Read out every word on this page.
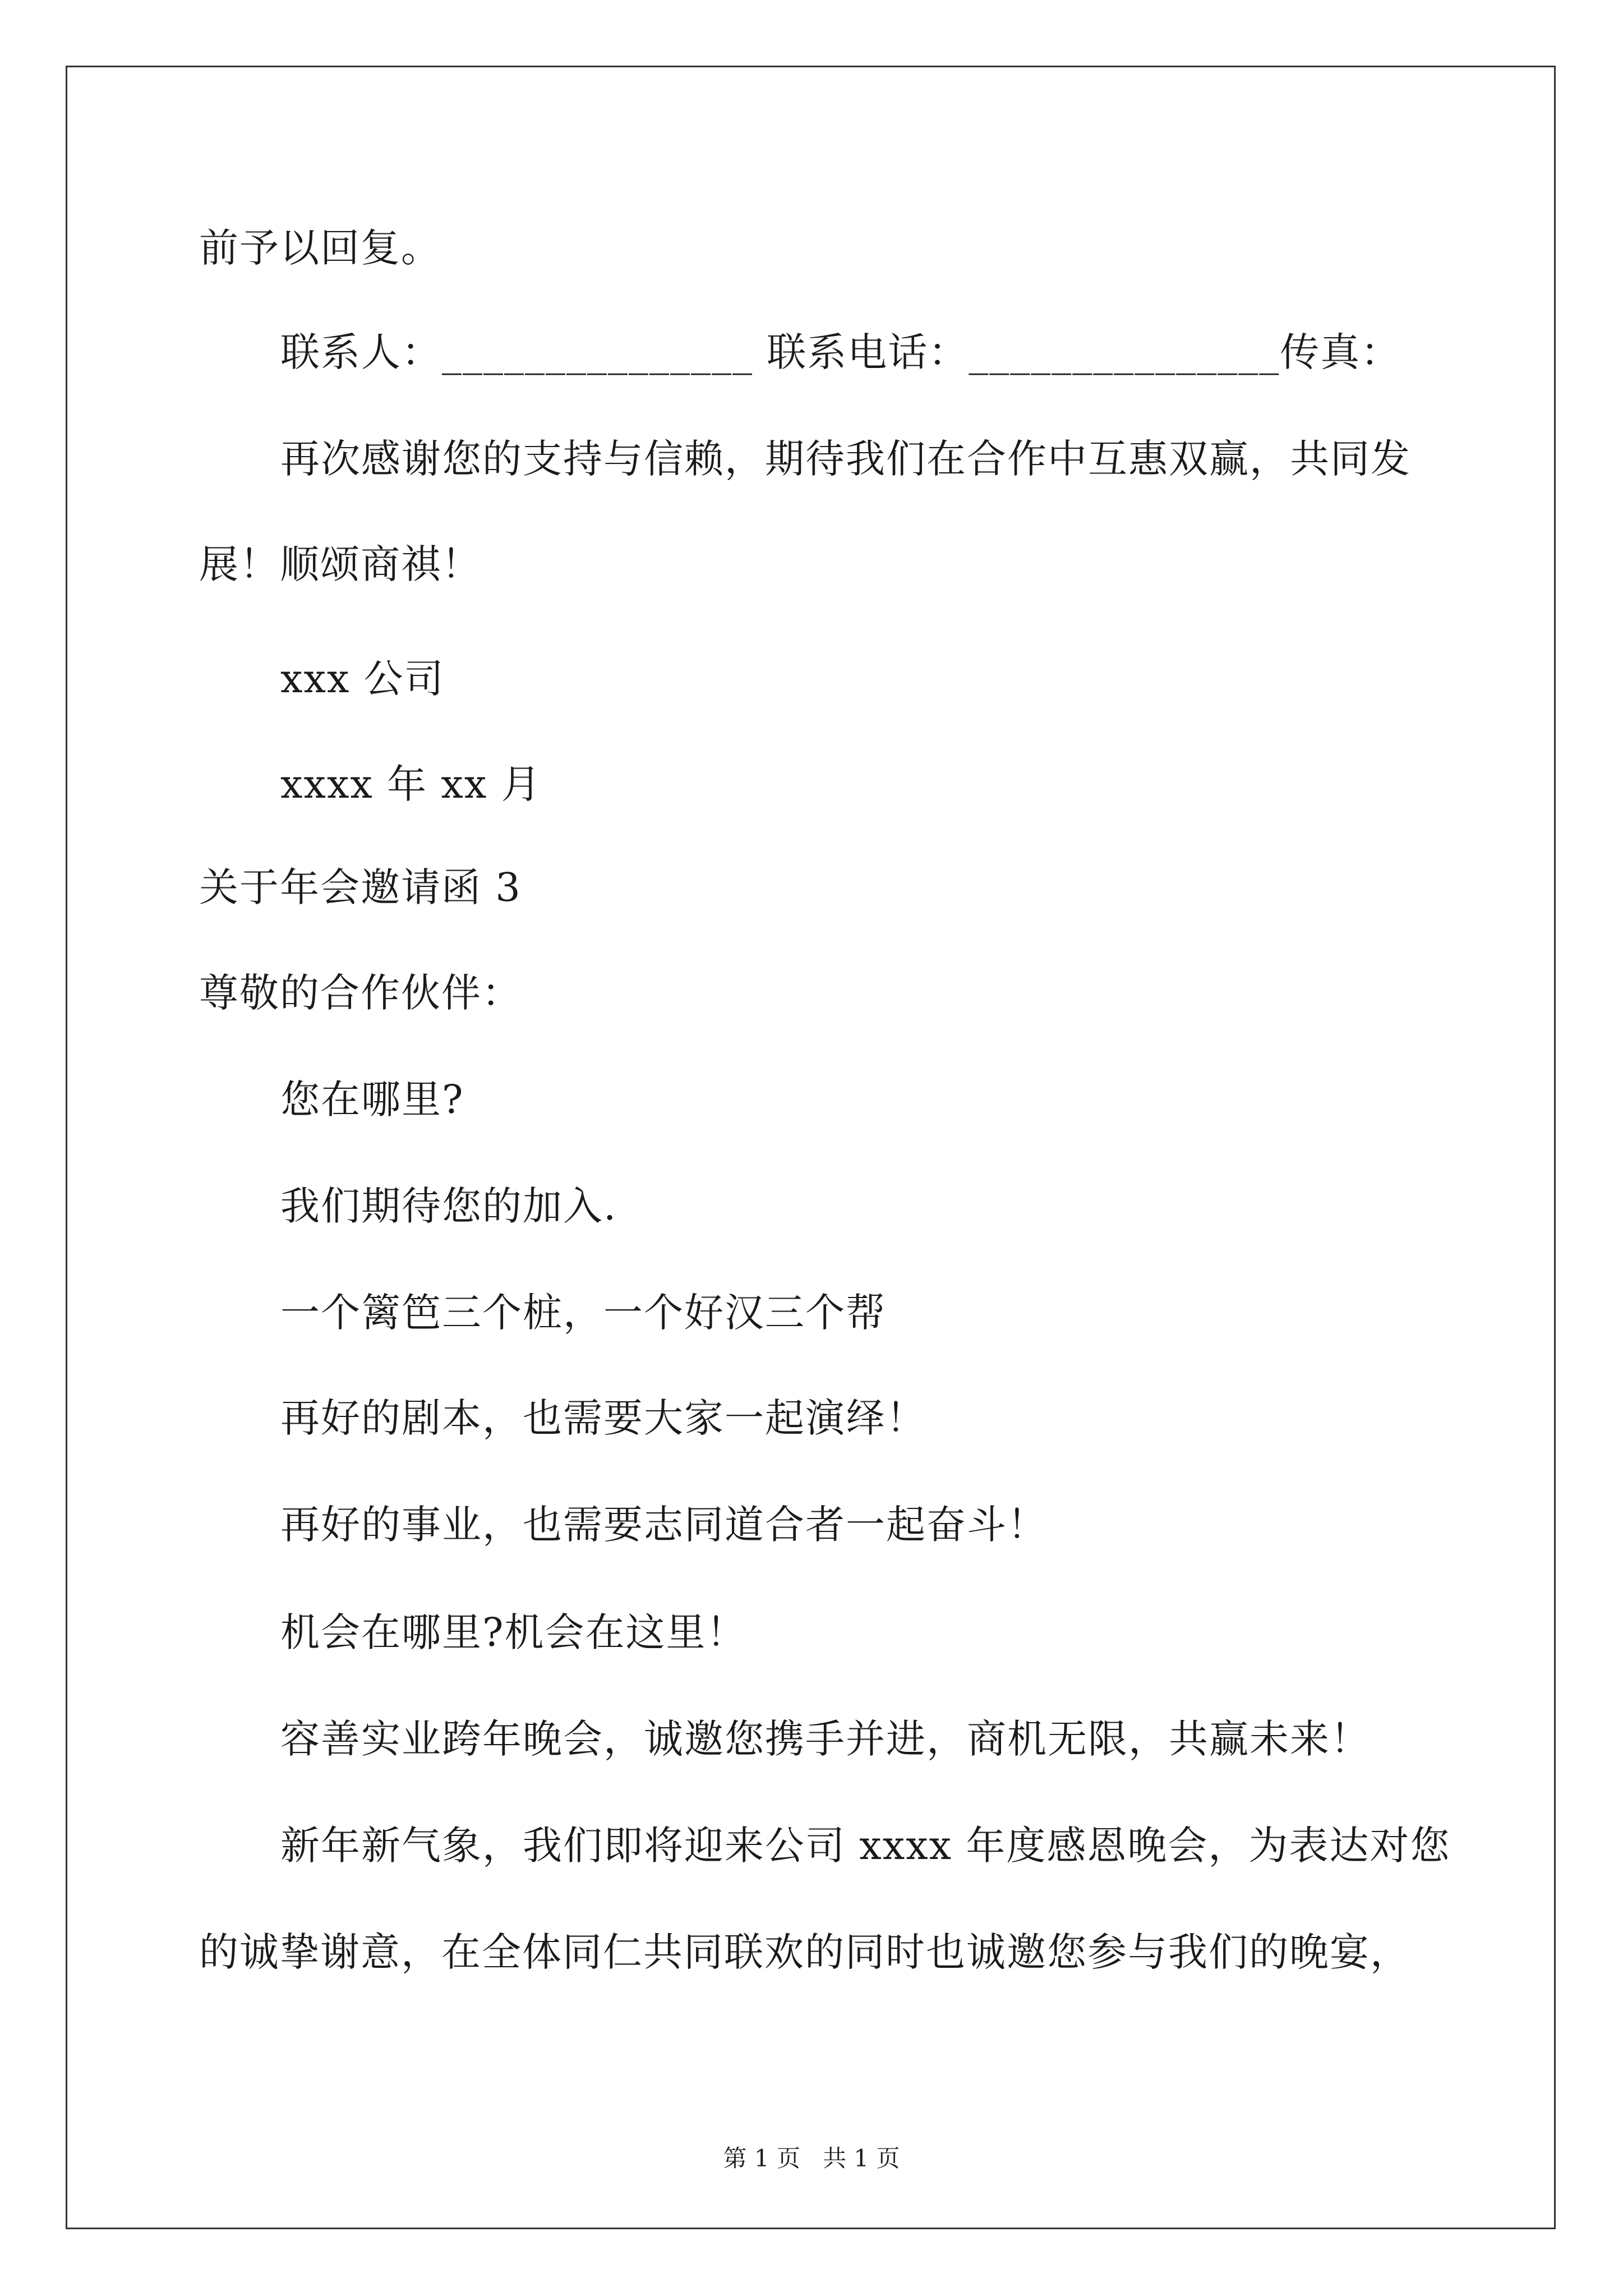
前予以回复。
联系人：_______________ 联系电话：_______________传真：
再次感谢您的支持与信赖，期待我们在合作中互惠双赢，共同发
展！顺颂商祺！
xxx 公司
xxxx 年 xx 月
关于年会邀请函 3
尊敬的合作伙伴：
您在哪里?
我们期待您的加入.
一个篱笆三个桩，一个好汉三个帮
再好的剧本，也需要大家一起演绎！
再好的事业，也需要志同道合者一起奋斗！
机会在哪里?机会在这里！
容善实业跨年晚会，诚邀您携手并进，商机无限，共赢未来！
新年新气象，我们即将迎来公司 xxxx 年度感恩晚会，为表达对您
的诚挚谢意，在全体同仁共同联欢的同时也诚邀您参与我们的晚宴，
第 1 页   共 1 页
